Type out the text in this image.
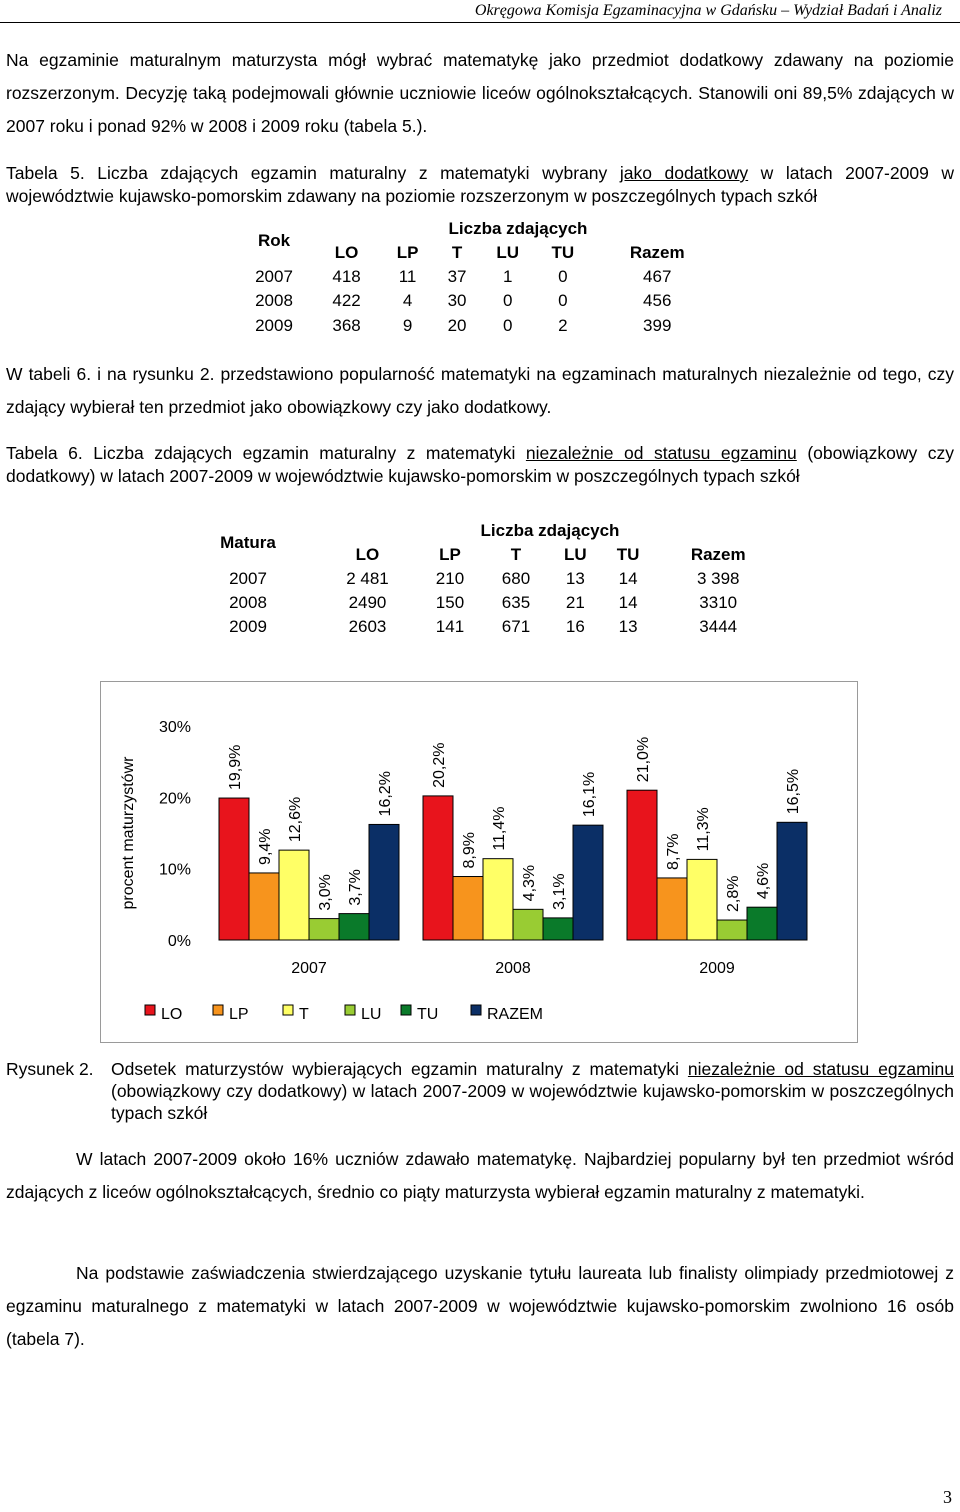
Okręgowa Komisja Egzaminacyjna w Gdańsku – Wydział Badań i Analiz
Na egzaminie maturalnym maturzysta mógł wybrać matematykę jako przedmiot dodatkowy zdawany na poziomie rozszerzonym. Decyzję taką podejmowali głównie uczniowie liceów ogólnokształcących. Stanowili oni 89,5% zdających w 2007 roku i ponad 92% w 2008 i 2009 roku (tabela 5.).
Tabela 5. Liczba zdających egzamin maturalny z matematyki wybrany jako dodatkowy w latach 2007-2009 w województwie kujawsko-pomorskim zdawany na poziomie rozszerzonym w poszczególnych typach szkół
Rok	Liczba zdających					
	LO	LP	T	LU	TU	Razem
2007	418	11	37	1	0	467
2008	422	4	30	0	0	456
2009	368	9	20	0	2	399
W tabeli 6. i na rysunku 2. przedstawiono popularność matematyki na egzaminach maturalnych niezależnie od tego, czy zdający wybierał ten przedmiot jako obowiązkowy czy jako dodatkowy.
Tabela 6. Liczba zdających egzamin maturalny z matematyki niezależnie od statusu egzaminu (obowiązkowy czy dodatkowy) w latach 2007-2009 w województwie kujawsko-pomorskim w poszczególnych typach szkół
Matura	Liczba zdających					
	LO	LP	T	LU	TU	Razem
2007	2 481	210	680	13	14	3 398
2008	2490	150	635	21	14	3310
2009	2603	141	671	16	13	3444
procent maturzystówr
0%
10%
20%
30%
19,9%
9,4%
12,6%
3,0% 3,7%
16,2%
2007
20,2%
8,9% 11,4%
4,3% 3,1%
16,1%
2008
21,0%
8,7%
11,3%
2,8% 4,6%
16,5%
2009
LO	LP	T	LU TU	RAZEM
Rysunek 2. Odsetek maturzystów wybierających egzamin maturalny z matematyki niezależnie od statusu egzaminu (obowiązkowy czy dodatkowy) w latach 2007-2009 w województwie kujawsko-pomorskim w poszczególnych typach szkół
W latach 2007-2009 około 16% uczniów zdawało matematykę. Najbardziej popularny był ten przedmiot wśród zdających z liceów ogólnokształcących, średnio co piąty maturzysta wybierał egzamin maturalny z matematyki.
Na podstawie zaświadczenia stwierdzającego uzyskanie tytułu laureata lub finalisty olimpiady przedmiotowej z egzaminu maturalnego z matematyki w latach 2007-2009 w województwie kujawsko-pomorskim zwolniono 16 osób (tabela 7).
3
